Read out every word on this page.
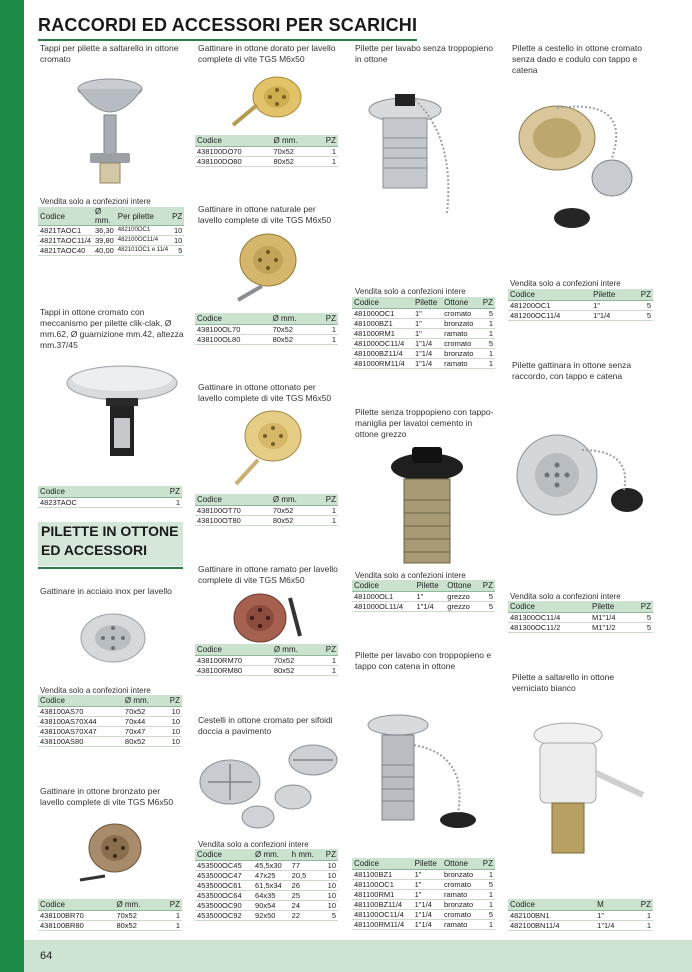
64
RACCORDI ED ACCESSORI PER SCARICHI
PILETTE IN OTTONE
ED ACCESSORI
Tappi per pilette a saltarello in ottone cromato
Vendita solo a confezioni intere
Codice	Ø mm.	Per pilette	PZ
4821TAOC1	36,30	482100OC1	10
4821TAOC11/4	39,80	482100OC11/4	10
4821TAOC40	40,00	482101OC1 e 11/4	5
Tappi in ottone cromato con meccanismo per pilette clik-clak, Ø mm.62, Ø guarnizione mm.42, altezza mm.37/45
Codice	PZ
4823TAOC	1
Gattinare in acciaio inox per lavello
Vendita solo a confezioni intere
Codice	Ø mm.	PZ
438100AS70	70x52	10
438100AS70X44	70x44	10
438100AS70X47	70x47	10
438100AS80	80x52	10
Gattinare in ottone bronzato per lavello complete di vite TGS M6x50
Codice	Ø mm.	PZ
438100BR70	70x52	1
438100BR80	80x52	1
Gattinare in ottone dorato per lavello complete di vite TGS M6x50
Codice	Ø mm.	PZ
438100DO70	70x52	1
438100DO80	80x52	1
Gattinare in ottone naturale per lavello complete di vite TGS M6x50
Codice	Ø mm.	PZ
438100OL70	70x52	1
438100OL80	80x52	1
Gattinare in ottone ottonato per lavello complete di vite TGS M6x50
Codice	Ø mm.	PZ
438100OT70	70x52	1
438100OT80	80x52	1
Gattinare in ottone ramato per lavello complete di vite TGS M6x50
Codice	Ø mm.	PZ
438100RM70	70x52	1
438100RM80	80x52	1
Cestelli in ottone cromato per sifoidi doccia a pavimento
Vendita solo a confezioni intere
Codice	Ø mm.	h mm.	PZ
453500OC45	45,5x30	77	10
453500OC47	47x25	20,5	10
453500OC61	61,5x34	26	10
453500OC64	64x35	25	10
453500OC90	90x54	24	10
453500OC92	92x50	22	5
Pilette per lavabo senza troppopieno in ottone
Vendita solo a confezioni intere
Codice	Pilette	Ottone	PZ
481000OC1	1"	cromato	5
481000BZ1	1"	bronzato	1
481000RM1	1"	ramato	1
481000OC11/4	1"1/4	cromato	5
481000BZ11/4	1"1/4	bronzato	1
481000RM11/4	1"1/4	ramato	1
Pilette senza troppopieno con tappo-maniglia per lavatoi cemento in ottone grezzo
Vendita solo a confezioni intere
Codice	Pilette	Ottone	PZ
481000OL1	1"	grezzo	5
481000OL11/4	1"1/4	grezzo	5
Pilette per lavabo con troppopieno e tappo con catena in ottone
Codice	Pilette	Ottone	PZ
481100BZ1	1"	bronzato	1
481100OC1	1"	cromato	5
481100RM1	1"	ramato	1
481100BZ11/4	1"1/4	bronzato	1
481100OC11/4	1"1/4	cromato	5
481100RM11/4	1"1/4	ramato	1
Pilette a cestello in ottone cromato senza dado e codulo con tappo e catena
Vendita solo a confezioni intere
Codice	Pilette	PZ
481200OC1	1"	5
481200OC11/4	1"1/4	5
Pilette gattinara in ottone senza raccordo, con tappo e catena
Vendita solo a confezioni intere
Codice	Pilette	PZ
481300OC11/4	M1"1/4	5
481300OC11/2	M1"1/2	5
Pilette a saltarello in ottone verniciato bianco
Codice	M	PZ
482100BN1	1"	1
482100BN11/4	1"1/4	1
